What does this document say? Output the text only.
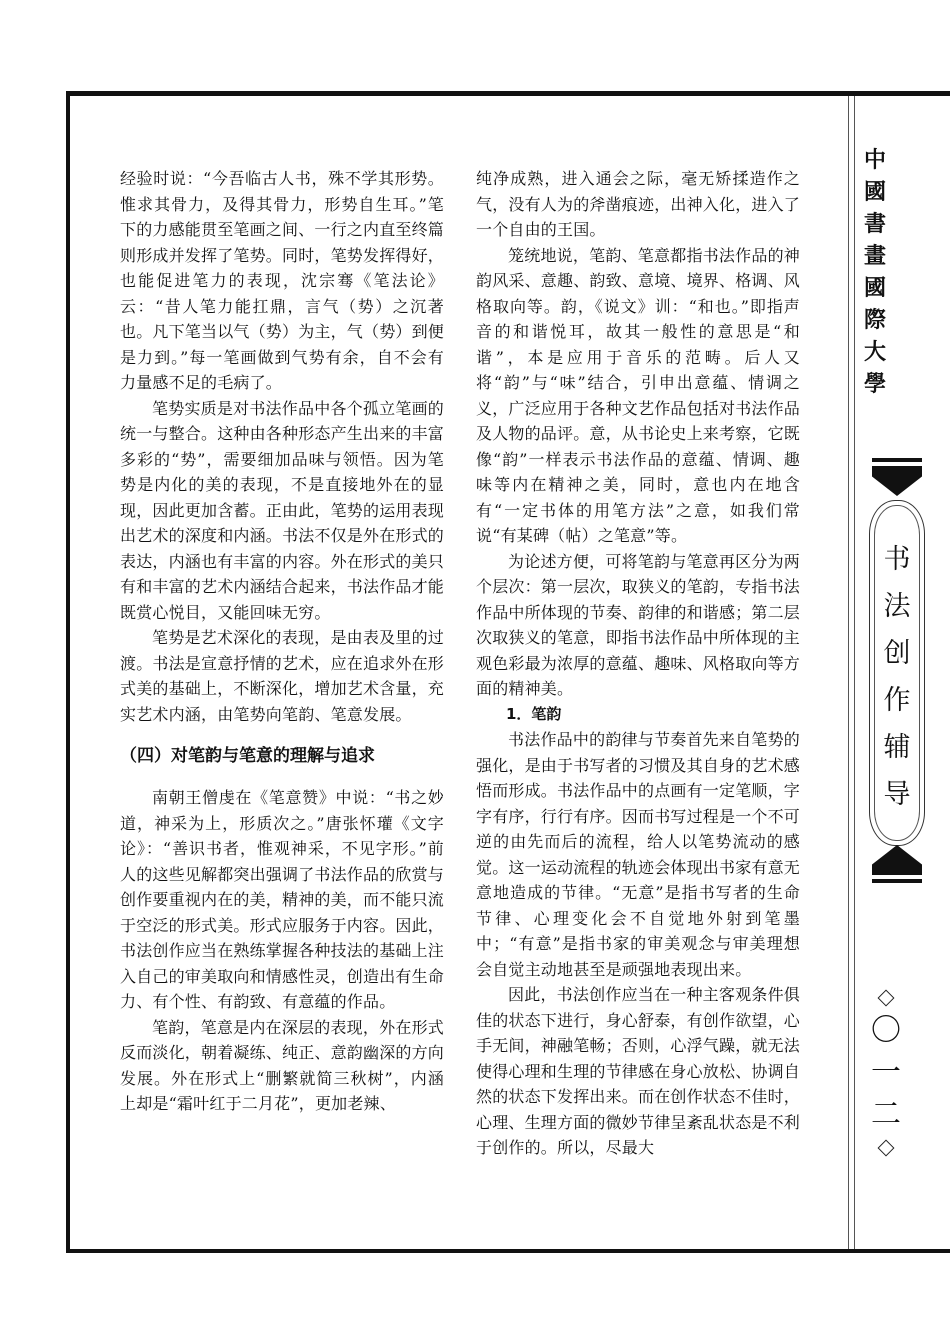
中
國
書
畫
國
際
大
學
书
法
创
作
辅
导
〇
一
二

经验时说：“今吾临古人书，殊不学其形势。惟求其骨力，及得其骨力，形势自生耳。”笔下的力感能贯至笔画之间、一行之内直至终篇则形成并发挥了笔势。同时，笔势发挥得好，也能促进笔力的表现，沈宗骞《笔法论》云：“昔人笔力能扛鼎，言气（势）之沉著也。凡下笔当以气（势）为主，气（势）到便是力到。”每一笔画做到气势有余，自不会有力量感不足的毛病了。

笔势实质是对书法作品中各个孤立笔画的统一与整合。这种由各种形态产生出来的丰富多彩的“势”，需要细加品味与领悟。因为笔势是内化的美的表现，不是直接地外在的显现，因此更加含蓄。正由此，笔势的运用表现出艺术的深度和内涵。书法不仅是外在形式的表达，内涵也有丰富的内容。外在形式的美只有和丰富的艺术内涵结合起来，书法作品才能既赏心悦目，又能回味无穷。

笔势是艺术深化的表现，是由表及里的过渡。书法是宣意抒情的艺术，应在追求外在形式美的基础上，不断深化，增加艺术含量，充实艺术内涵，由笔势向笔韵、笔意发展。

（四）对笔韵与笔意的理解与追求

南朝王僧虔在《笔意赞》中说：“书之妙道，神采为上，形质次之。”唐张怀瓘《文字论》：“善识书者，惟观神采，不见字形。”前人的这些见解都突出强调了书法作品的欣赏与创作要重视内在的美，精神的美，而不能只流于空泛的形式美。形式应服务于内容。因此，书法创作应当在熟练掌握各种技法的基础上注入自己的审美取向和情感性灵，创造出有生命力、有个性、有韵致、有意蕴的作品。

笔韵，笔意是内在深层的表现，外在形式反而淡化，朝着凝练、纯正、意韵幽深的方向发展。外在形式上“删繁就简三秋树”，内涵上却是“霜叶红于二月花”，更加老辣、

纯净成熟，进入通会之际，毫无矫揉造作之气，没有人为的斧凿痕迹，出神入化，进入了一个自由的王国。

笼统地说，笔韵、笔意都指书法作品的神韵风采、意趣、韵致、意境、境界、格调、风格取向等。韵，《说文》训：“和也。”即指声音的和谐悦耳，故其一般性的意思是“和谐”，本是应用于音乐的范畴。后人又将“韵”与“味”结合，引申出意蕴、情调之义，广泛应用于各种文艺作品包括对书法作品及人物的品评。意，从书论史上来考察，它既像“韵”一样表示书法作品的意蕴、情调、趣味等内在精神之美，同时，意也内在地含有“一定书体的用笔方法”之意，如我们常说“有某碑（帖）之笔意”等。

为论述方便，可将笔韵与笔意再区分为两个层次：第一层次，取狭义的笔韵，专指书法作品中所体现的节奏、韵律的和谐感；第二层次取狭义的笔意，即指书法作品中所体现的主观色彩最为浓厚的意蕴、趣味、风格取向等方面的精神美。

1．笔韵

书法作品中的韵律与节奏首先来自笔势的强化，是由于书写者的习惯及其自身的艺术感悟而形成。书法作品中的点画有一定笔顺，字字有序，行行有序。因而书写过程是一个不可逆的由先而后的流程，给人以笔势流动的感觉。这一运动流程的轨迹会体现出书家有意无意地造成的节律。“无意”是指书写者的生命节律、心理变化会不自觉地外射到笔墨中；“有意”是指书家的审美观念与审美理想会自觉主动地甚至是顽强地表现出来。

因此，书法创作应当在一种主客观条件俱佳的状态下进行，身心舒泰，有创作欲望，心手无间，神融笔畅；否则，心浮气躁，就无法使得心理和生理的节律感在身心放松、协调自然的状态下发挥出来。而在创作状态不佳时，心理、生理方面的微妙节律呈紊乱状态是不利于创作的。所以，尽最大
